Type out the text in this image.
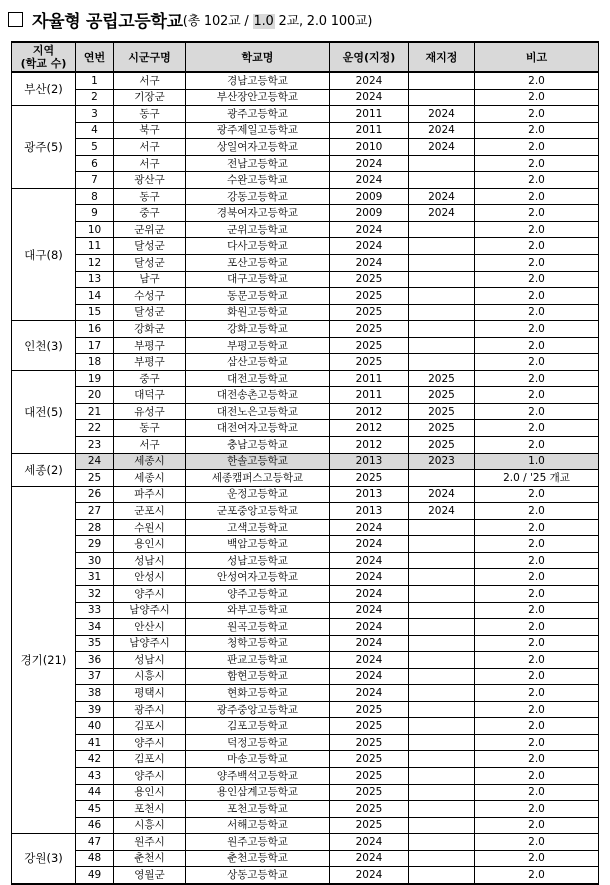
자율형 공립고등학교 (총 102교 / 1.0 2교, 2.0 100교)
지역
(학교 수)	연번	시군구명	학교명	운영(지정)	재지정	비고
부산(2)	1	서구	경남고등학교	2024		2.0
	2	기장군	부산장안고등학교	2024		2.0
광주(5)	3	동구	광주고등학교	2011	2024	2.0
	4	북구	광주제일고등학교	2011	2024	2.0
	5	서구	상일여자고등학교	2010	2024	2.0
	6	서구	전남고등학교	2024		2.0
	7	광산구	수완고등학교	2024		2.0
대구(8)	8	동구	강동고등학교	2009	2024	2.0
	9	중구	경북여자고등학교	2009	2024	2.0
	10	군위군	군위고등학교	2024		2.0
	11	달성군	다사고등학교	2024		2.0
	12	달성군	포산고등학교	2024		2.0
	13	남구	대구고등학교	2025		2.0
	14	수성구	동문고등학교	2025		2.0
	15	달성군	화원고등학교	2025		2.0
인천(3)	16	강화군	강화고등학교	2025		2.0
	17	부평구	부평고등학교	2025		2.0
	18	부평구	삼산고등학교	2025		2.0
대전(5)	19	중구	대전고등학교	2011	2025	2.0
	20	대덕구	대전송촌고등학교	2011	2025	2.0
	21	유성구	대전노은고등학교	2012	2025	2.0
	22	동구	대전여자고등학교	2012	2025	2.0
	23	서구	충남고등학교	2012	2025	2.0
세종(2)	24	세종시	한솔고등학교	2013	2023	1.0
	25	세종시	세종캠퍼스고등학교	2025		2.0 / '25 개교
경기(21)	26	파주시	운정고등학교	2013	2024	2.0
	27	군포시	군포중앙고등학교	2013	2024	2.0
	28	수원시	고색고등학교	2024		2.0
	29	용인시	백암고등학교	2024		2.0
	30	성남시	성남고등학교	2024		2.0
	31	안성시	안성여자고등학교	2024		2.0
	32	양주시	양주고등학교	2024		2.0
	33	남양주시	와부고등학교	2024		2.0
	34	안산시	원곡고등학교	2024		2.0
	35	남양주시	청학고등학교	2024		2.0
	36	성남시	판교고등학교	2024		2.0
	37	시흥시	함현고등학교	2024		2.0
	38	평택시	현화고등학교	2024		2.0
	39	광주시	광주중앙고등학교	2025		2.0
	40	김포시	김포고등학교	2025		2.0
	41	양주시	덕정고등학교	2025		2.0
	42	김포시	마송고등학교	2025		2.0
	43	양주시	양주백석고등학교	2025		2.0
	44	용인시	용인삼계고등학교	2025		2.0
	45	포천시	포천고등학교	2025		2.0
	46	시흥시	서해고등학교	2025		2.0
강원(3)	47	원주시	원주고등학교	2024		2.0
	48	춘천시	춘천고등학교	2024		2.0
	49	영월군	상동고등학교	2024		2.0
